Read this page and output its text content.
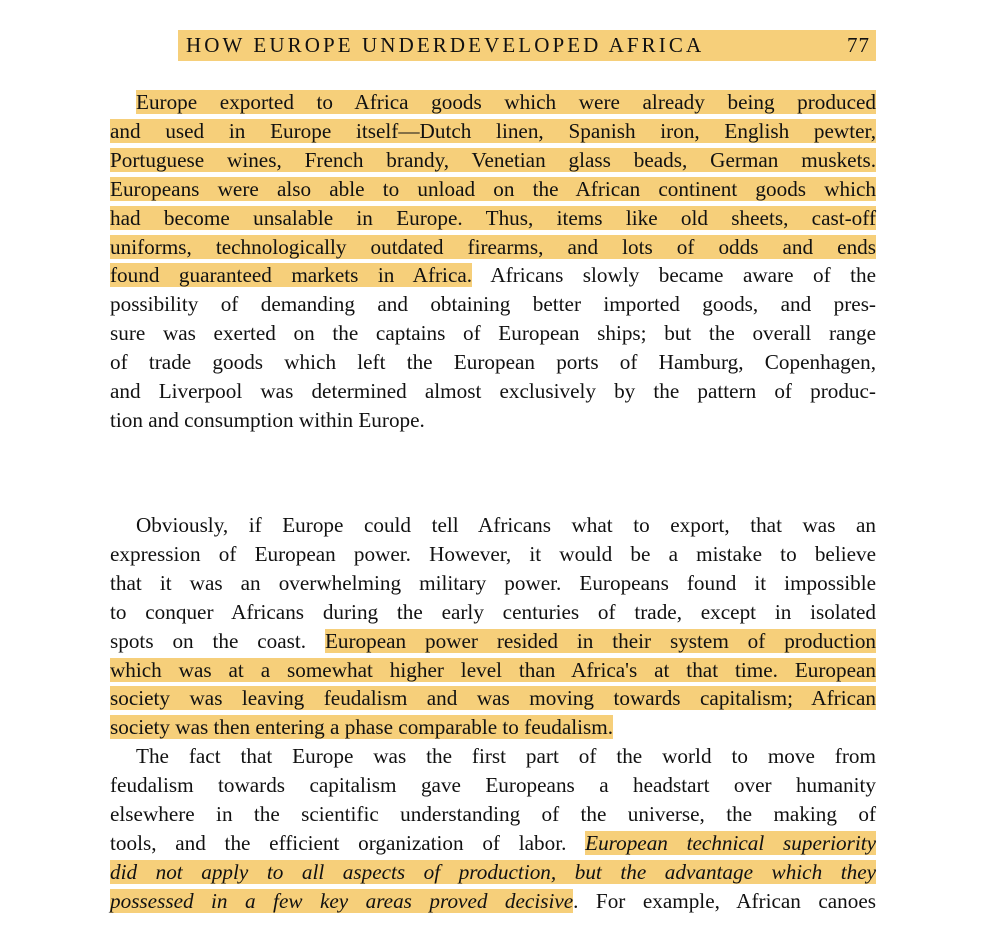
HOW EUROPE UNDERDEVELOPED AFRICA	77
Europe exported to Africa goods which were already being produced
and used in Europe itself—Dutch linen, Spanish iron, English pewter,
Portuguese wines, French brandy, Venetian glass beads, German muskets.
Europeans were also able to unload on the African continent goods which
had become unsalable in Europe. Thus, items like old sheets, cast-off
uniforms, technologically outdated firearms, and lots of odds and ends
found guaranteed markets in Africa. Africans slowly became aware of the
possibility of demanding and obtaining better imported goods, and pres-
sure was exerted on the captains of European ships; but the overall range
of trade goods which left the European ports of Hamburg, Copenhagen,
and Liverpool was determined almost exclusively by the pattern of produc-
tion and consumption within Europe.
Obviously, if Europe could tell Africans what to export, that was an
expression of European power. However, it would be a mistake to believe
that it was an overwhelming military power. Europeans found it impossible
to conquer Africans during the early centuries of trade, except in isolated
spots on the coast. European power resided in their system of production
which was at a somewhat higher level than Africa's at that time. European
society was leaving feudalism and was moving towards capitalism; African
society was then entering a phase comparable to feudalism.
The fact that Europe was the first part of the world to move from
feudalism towards capitalism gave Europeans a headstart over humanity
elsewhere in the scientific understanding of the universe, the making of
tools, and the efficient organization of labor. European technical superiority
did not apply to all aspects of production, but the advantage which they
possessed in a few key areas proved decisive. For example, African canoes
